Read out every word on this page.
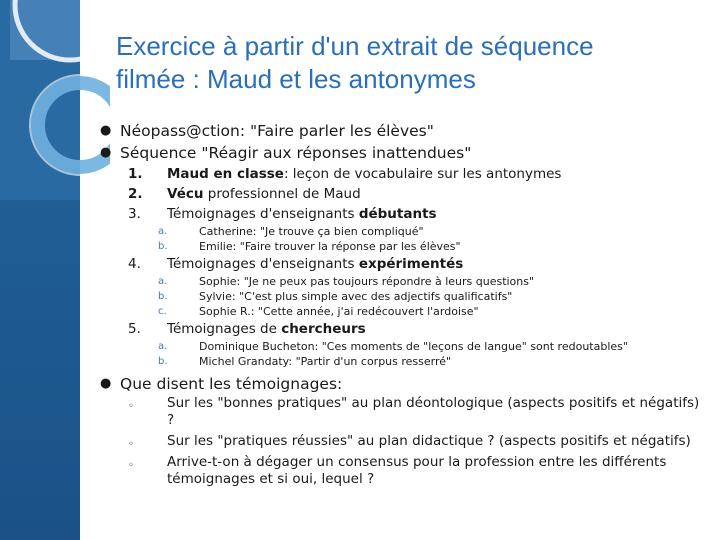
Exercice à partir d'un extrait de séquence
filmée : Maud et les antonymes
● Néopass@ction: "Faire parler les élèves"
● Séquence "Réagir aux réponses inattendues"
1. Maud en classe: leçon de vocabulaire sur les antonymes
2. Vécu professionnel de Maud
3. Témoignages d'enseignants débutants
a.	Catherine: "Je trouve ça bien compliqué"
b.	Emilie: "Faire trouver la réponse par les élèves"
4. Témoignages d'enseignants expérimentés
a.	Sophie: "Je ne peux pas toujours répondre à leurs questions"
b.	Sylvie: "C'est plus simple avec des adjectifs qualificatifs"
c.	Sophie R.: "Cette année, j'ai redécouvert l'ardoise"
5. Témoignages de chercheurs
a.	Dominique Bucheton: "Ces moments de "leçons de langue" sont redoutables"
b.	Michel Grandaty: "Partir d'un corpus resserré"
● Que disent les témoignages:
◦ Sur les "bonnes pratiques" au plan déontologique (aspects positifs et négatifs) ?
◦ Sur les "pratiques réussies" au plan didactique ? (aspects positifs et négatifs)
◦ Arrive-t-on à dégager un consensus pour la profession entre les différents témoignages et si oui, lequel ?
